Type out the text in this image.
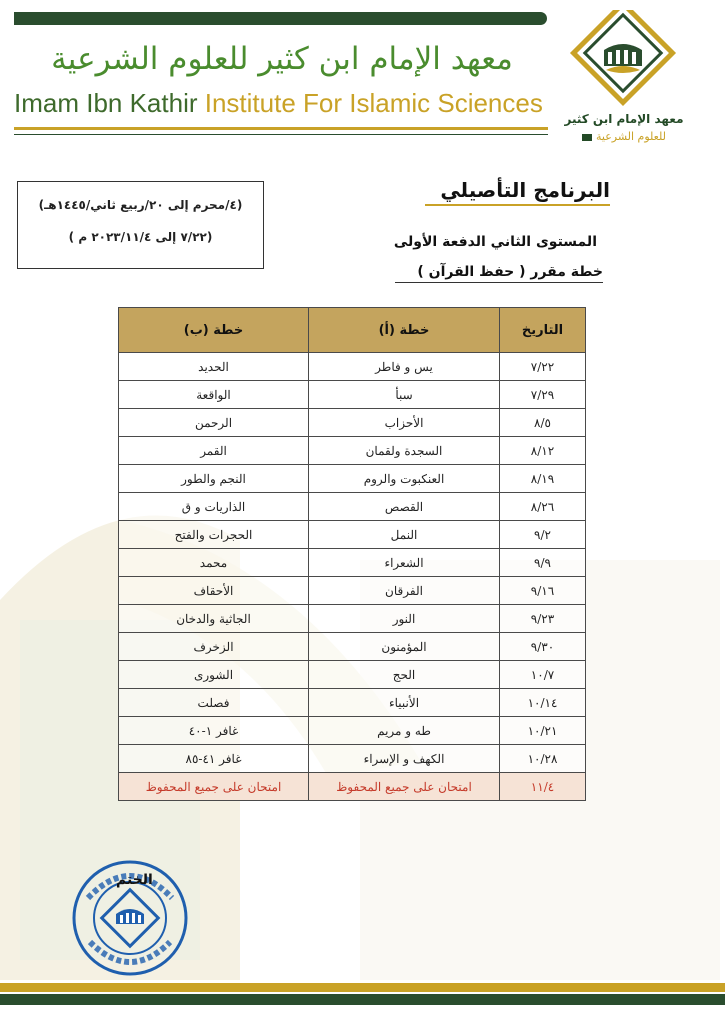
معهد الإمام ابن كثير للعلوم الشرعية
Imam Ibn Kathir Institute For Islamic Sciences
معهد الإمام ابن كثير
للعلوم الشرعية
(٤/محرم إلى ٢٠/ربيع ثاني/١٤٤٥هـ)
(٧/٢٢ إلى ٢٠٢٣/١١/٤ م )
البرنامج التأصيلي
المستوى الثاني الدفعة الأولى
خطة مقرر ( حفظ القرآن )
التاريخ	خطة (أ)	خطة (ب)
٧/٢٢	يس و فاطر	الحديد
٧/٢٩	سبأ	الواقعة
٨/٥	الأحزاب	الرحمن
٨/١٢	السجدة ولقمان	القمر
٨/١٩	العنكبوت والروم	النجم والطور
٨/٢٦	القصص	الذاريات و ق
٩/٢	النمل	الحجرات والفتح
٩/٩	الشعراء	محمد
٩/١٦	الفرقان	الأحقاف
٩/٢٣	النور	الجاثية والدخان
٩/٣٠	المؤمنون	الزخرف
١٠/٧	الحج	الشورى
١٠/١٤	الأنبياء	فصلت
١٠/٢١	طه و مريم	غافر ١-٤٠
١٠/٢٨	الكهف و الإسراء	غافر ٤١-٨٥
١١/٤	امتحان على جميع المحفوظ	امتحان على جميع المحفوظ
الختم
